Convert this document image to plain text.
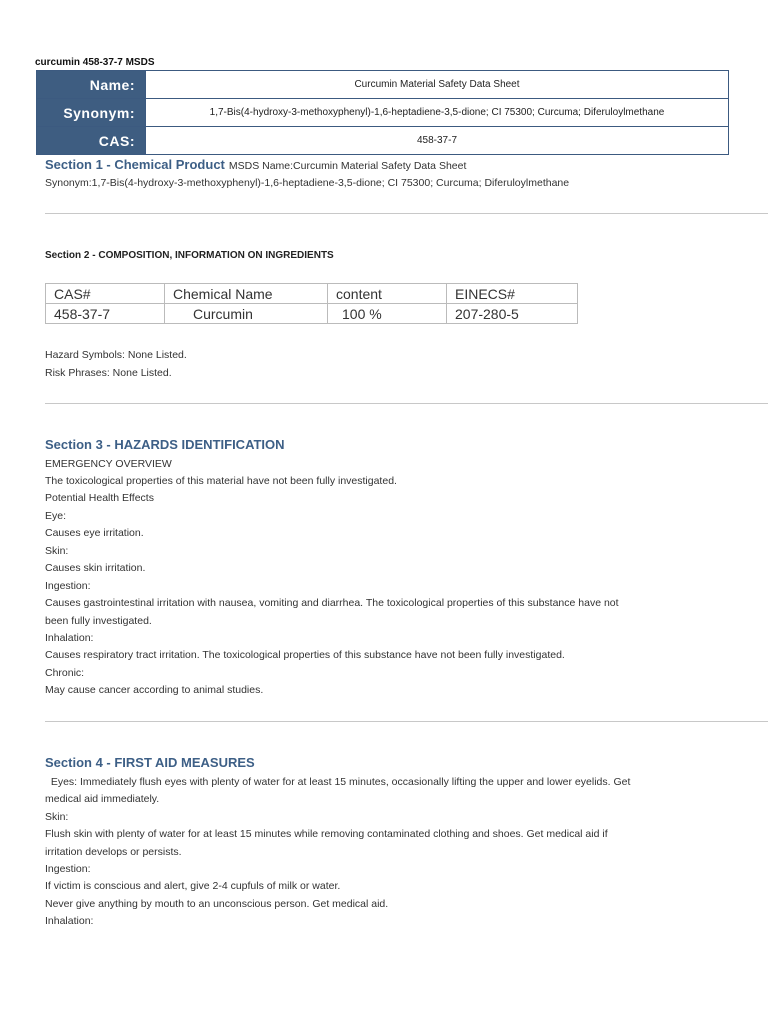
curcumin 458-37-7 MSDS
Name:	Curcumin Material Safety Data Sheet
Synonym:	1,7-Bis(4-hydroxy-3-methoxyphenyl)-1,6-heptadiene-3,5-dione; CI 75300; Curcuma; Diferuloylmethane
CAS:	458-37-7
Section 1 - Chemical Product MSDS Name:Curcumin Material Safety Data Sheet
Synonym:1,7-Bis(4-hydroxy-3-methoxyphenyl)-1,6-heptadiene-3,5-dione; CI 75300; Curcuma; Diferuloylmethane
Section 2 - COMPOSITION, INFORMATION ON INGREDIENTS
CAS#	Chemical Name	content	EINECS#
458-37-7	Curcumin	100 %	207-280-5
Hazard Symbols: None Listed.
Risk Phrases: None Listed.
Section 3 - HAZARDS IDENTIFICATION
EMERGENCY OVERVIEW
The toxicological properties of this material have not been fully investigated.
Potential Health Effects
Eye:
Causes eye irritation.
Skin:
Causes skin irritation.
Ingestion:
Causes gastrointestinal irritation with nausea, vomiting and diarrhea. The toxicological properties of this substance have not
been fully investigated.
Inhalation:
Causes respiratory tract irritation. The toxicological properties of this substance have not been fully investigated.
Chronic:
May cause cancer according to animal studies.
Section 4 - FIRST AID MEASURES
Eyes: Immediately flush eyes with plenty of water for at least 15 minutes, occasionally lifting the upper and lower eyelids. Get
medical aid immediately.
Skin:
Flush skin with plenty of water for at least 15 minutes while removing contaminated clothing and shoes. Get medical aid if
irritation develops or persists.
Ingestion:
If victim is conscious and alert, give 2-4 cupfuls of milk or water.
Never give anything by mouth to an unconscious person. Get medical aid.
Inhalation:
